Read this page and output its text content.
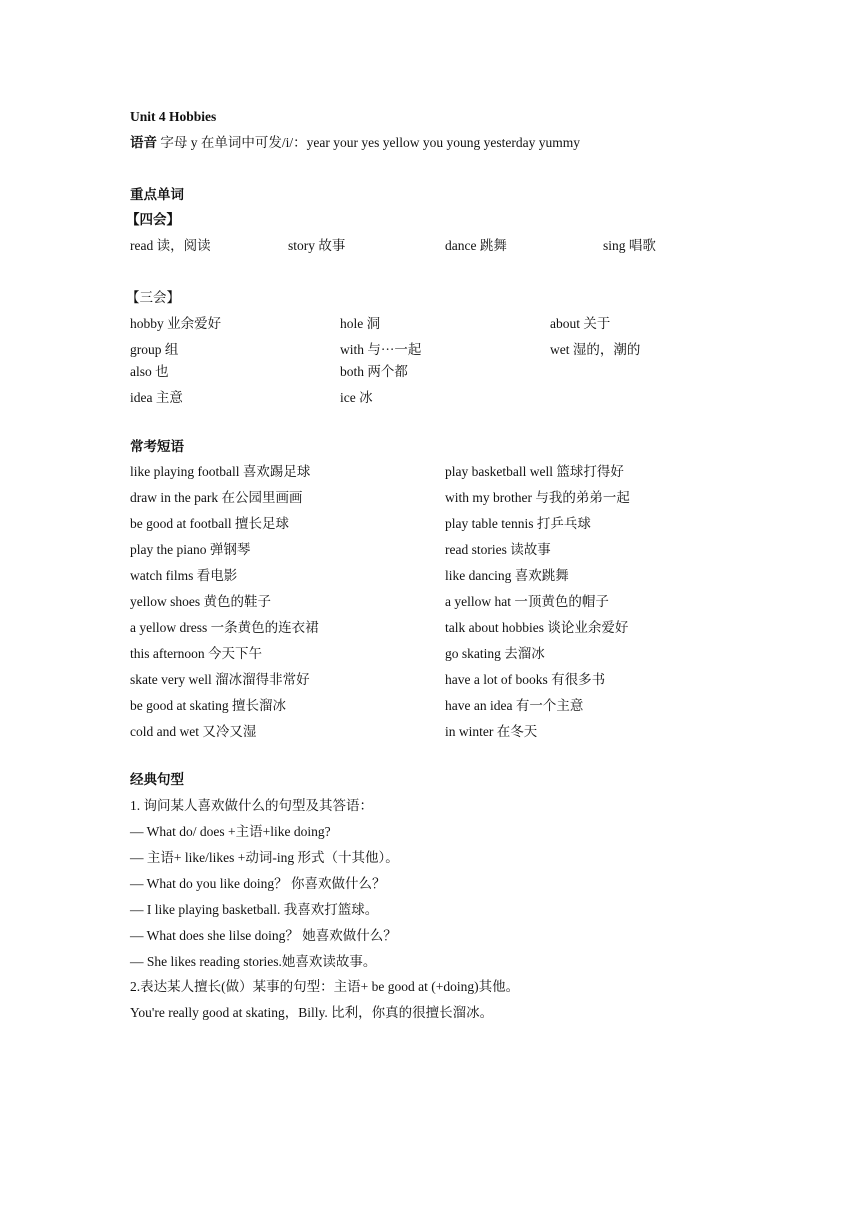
Unit 4 Hobbies
语音 字母 y 在单词中可发/i/：year your yes yellow you young yesterday yummy
重点单词
【四会】
read 读，阅读	story 故事	dance 跳舞	sing 唱歌
【三会】
hobby 业余爱好	hole 洞	about 关于
group 组	with 与···一起	wet 湿的，潮的
also 也	both 两个都
idea 主意	ice 冰
常考短语
like playing football 喜欢踢足球	play basketball well 篮球打得好
draw in the park 在公园里画画	with my brother 与我的弟弟一起
be good at football 擅长足球	play table tennis 打乒乓球
play the piano 弹钢琴	read stories 读故事
watch films 看电影	like dancing 喜欢跳舞
yellow shoes 黄色的鞋子	a yellow hat 一顶黄色的帽子
a yellow dress 一条黄色的连衣裙	talk about hobbies 谈论业余爱好
this afternoon 今天下午	go skating 去溜冰
skate very well 溜冰溜得非常好	have a lot of books 有很多书
be good at skating 擅长溜冰	have an idea 有一个主意
cold and wet 又冷又湿	in winter 在冬天
经典句型
1. 询问某人喜欢做什么的句型及其答语：
— What do/ does +主语+like doing?
— 主语+ like/likes +动词-ing 形式（十其他）。
— What do you like doing？ 你喜欢做什么？
— I like playing basketball. 我喜欢打篮球。
— What does she lilse doing？ 她喜欢做什么？
— She likes reading stories.她喜欢读故事。
2.表达某人擅长(做）某事的句型：主语+ be good at (+doing)其他。
You're really good at skating，Billy. 比利，你真的很擅长溜冰。
